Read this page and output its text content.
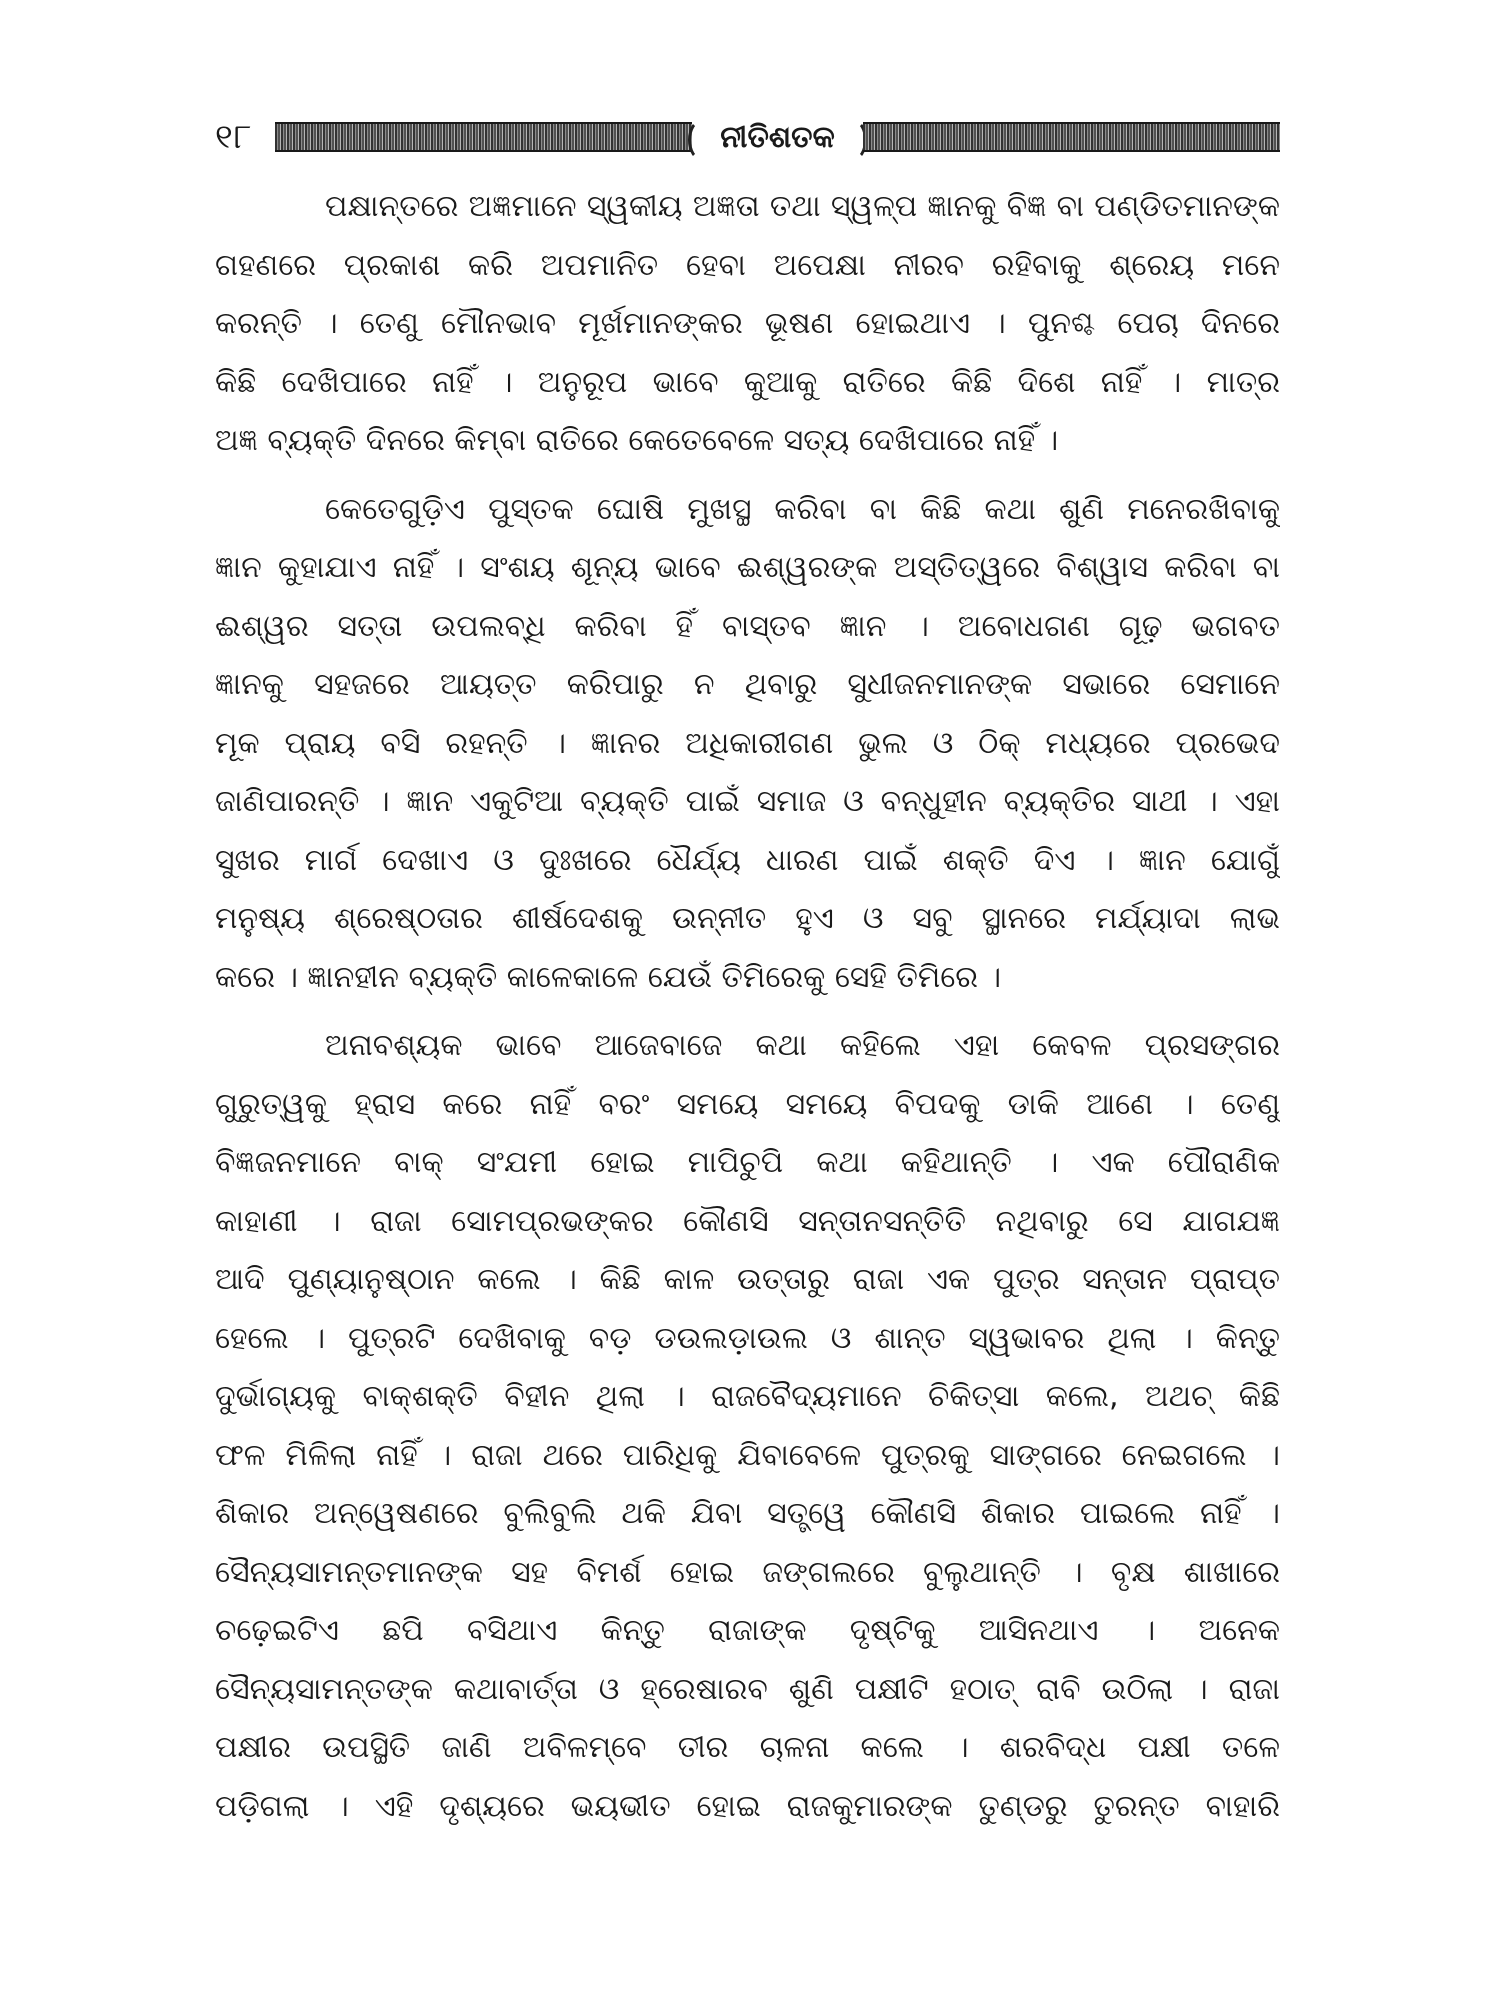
୧୮	ନୀତିଶତକ
ପକ୍ଷାନ୍ତରେ ଅଜ୍ଞମାନେ ସ୍ୱକୀୟ ଅଜ୍ଞତା ତଥା ସ୍ୱଳ୍ପ ଜ୍ଞାନକୁ ବିଜ୍ଞ ବା ପଣ୍ଡିତମାନଙ୍କ
ଗହଣରେ ପ୍ରକାଶ କରି ଅପମାନିତ ହେବା ଅପେକ୍ଷା ନୀରବ ରହିବାକୁ ଶ୍ରେୟ ମନେ
କରନ୍ତି । ତେଣୁ ମୌନଭାବ ମୂର୍ଖମାନଙ୍କର ଭୂଷଣ ହୋଇଥାଏ । ପୁନଶ୍ଚ ପେଚା ଦିନରେ
କିଛି ଦେଖିପାରେ ନାହିଁ । ଅନୁରୂପ ଭାବେ କୁଆକୁ ରାତିରେ କିଛି ଦିଶେ ନାହିଁ । ମାତ୍ର
ଅଜ୍ଞ ବ୍ୟକ୍ତି ଦିନରେ କିମ୍ବା ରାତିରେ କେତେବେଳେ ସତ୍ୟ ଦେଖିପାରେ ନାହିଁ ।
କେତେଗୁଡ଼ିଏ ପୁସ୍ତକ ଘୋଷି ମୁଖସ୍ଥ କରିବା ବା କିଛି କଥା ଶୁଣି ମନେରଖିବାକୁ
ଜ୍ଞାନ କୁହାଯାଏ ନାହିଁ । ସଂଶୟ ଶୂନ୍ୟ ଭାବେ ଈଶ୍ୱରଙ୍କ ଅସ୍ତିତ୍ୱରେ ବିଶ୍ୱାସ କରିବା ବା
ଈଶ୍ୱର ସତ୍ତା ଉପଲବ୍ଧି କରିବା ହିଁ ବାସ୍ତବ ଜ୍ଞାନ । ଅବୋଧଗଣ ଗୂଢ଼ ଭଗବତ
ଜ୍ଞାନକୁ ସହଜରେ ଆୟତ୍ତ କରିପାରୁ ନ ଥିବାରୁ ସୁଧୀଜନମାନଙ୍କ ସଭାରେ ସେମାନେ
ମୂକ ପ୍ରାୟ ବସି ରହନ୍ତି । ଜ୍ଞାନର ଅଧିକାରୀଗଣ ଭୁଲ ଓ ଠିକ୍ ମଧ୍ୟରେ ପ୍ରଭେଦ
ଜାଣିପାରନ୍ତି । ଜ୍ଞାନ ଏକୁଟିଆ ବ୍ୟକ୍ତି ପାଇଁ ସମାଜ ଓ ବନ୍ଧୁହୀନ ବ୍ୟକ୍ତିର ସାଥୀ । ଏହା
ସୁଖର ମାର୍ଗ ଦେଖାଏ ଓ ଦୁଃଖରେ ଧୈର୍ଯ୍ୟ ଧାରଣ ପାଇଁ ଶକ୍ତି ଦିଏ । ଜ୍ଞାନ ଯୋଗୁଁ
ମନୁଷ୍ୟ ଶ୍ରେଷ୍ଠତାର ଶୀର୍ଷଦେଶକୁ ଉନ୍ନୀତ ହୁଏ ଓ ସବୁ ସ୍ଥାନରେ ମର୍ଯ୍ୟାଦା ଲାଭ
କରେ । ଜ୍ଞାନହୀନ ବ୍ୟକ୍ତି କାଳେକାଳେ ଯେଉଁ ତିମିରେକୁ ସେହି ତିମିରେ ।
ଅନାବଶ୍ୟକ ଭାବେ ଆଜେବାଜେ କଥା କହିଲେ ଏହା କେବଳ ପ୍ରସଙ୍ଗର
ଗୁରୁତ୍ୱକୁ ହ୍ରାସ କରେ ନାହିଁ ବରଂ ସମୟେ ସମୟେ ବିପଦକୁ ଡାକି ଆଣେ । ତେଣୁ
ବିଜ୍ଞଜନମାନେ ବାକ୍ ସଂଯମୀ ହୋଇ ମାପିଚୁପି କଥା କହିଥାନ୍ତି । ଏକ ପୌରାଣିକ
କାହାଣୀ । ରାଜା ସୋମପ୍ରଭଙ୍କର କୌଣସି ସନ୍ତାନସନ୍ତିତି ନଥିବାରୁ ସେ ଯାଗଯଜ୍ଞ
ଆଦି ପୁଣ୍ୟାନୁଷ୍ଠାନ କଲେ । କିଛି କାଳ ଉତ୍ତାରୁ ରାଜା ଏକ ପୁତ୍ର ସନ୍ତାନ ପ୍ରାପ୍ତ
ହେଲେ । ପୁତ୍ରଟି ଦେଖିବାକୁ ବଡ଼ ଡଉଲଡ଼ାଉଲ ଓ ଶାନ୍ତ ସ୍ୱଭାବର ଥିଲା । କିନ୍ତୁ
ଦୁର୍ଭାଗ୍ୟକୁ ବାକ୍‌ଶକ୍ତି ବିହୀନ ଥିଲା । ରାଜବୈଦ୍ୟମାନେ ଚିକିତ୍ସା କଲେ, ଅଥଚ୍ କିଛି
ଫଳ ମିଳିଲା ନାହିଁ । ରାଜା ଥରେ ପାରିଧିକୁ ଯିବାବେଳେ ପୁତ୍ରକୁ ସାଙ୍ଗରେ ନେଇଗଲେ ।
ଶିକାର ଅନ୍ୱେଷଣରେ ବୁଲିବୁଲି ଥକି ଯିବା ସତ୍ତ୍ୱେ କୌଣସି ଶିକାର ପାଇଲେ ନାହିଁ ।
ସୈନ୍ୟସାମନ୍ତମାନଙ୍କ ସହ ବିମର୍ଶ ହୋଇ ଜଙ୍ଗଲରେ ବୁଲୁଥାନ୍ତି । ବୃକ୍ଷ ଶାଖାରେ
ଚଢ଼େଇଟିଏ ଛପି ବସିଥାଏ କିନ୍ତୁ ରାଜାଙ୍କ ଦୃଷ୍ଟିକୁ ଆସିନଥାଏ । ଅନେକ
ସୈନ୍ୟସାମନ୍ତଙ୍କ କଥାବାର୍ତ୍ତା ଓ ହ୍ରେଷାରବ ଶୁଣି ପକ୍ଷୀଟି ହଠାତ୍ ରାବି ଉଠିଲା । ରାଜା
ପକ୍ଷୀର ଉପସ୍ଥିତି ଜାଣି ଅବିଳମ୍ବେ ତୀର ଚାଳନା କଲେ । ଶରବିଦ୍ଧ ପକ୍ଷୀ ତଳେ
ପଡ଼ିଗଲା । ଏହି ଦୃଶ୍ୟରେ ଭୟଭୀତ ହୋଇ ରାଜକୁମାରଙ୍କ ତୁଣ୍ଡରୁ ତୁରନ୍ତ ବାହାରି
